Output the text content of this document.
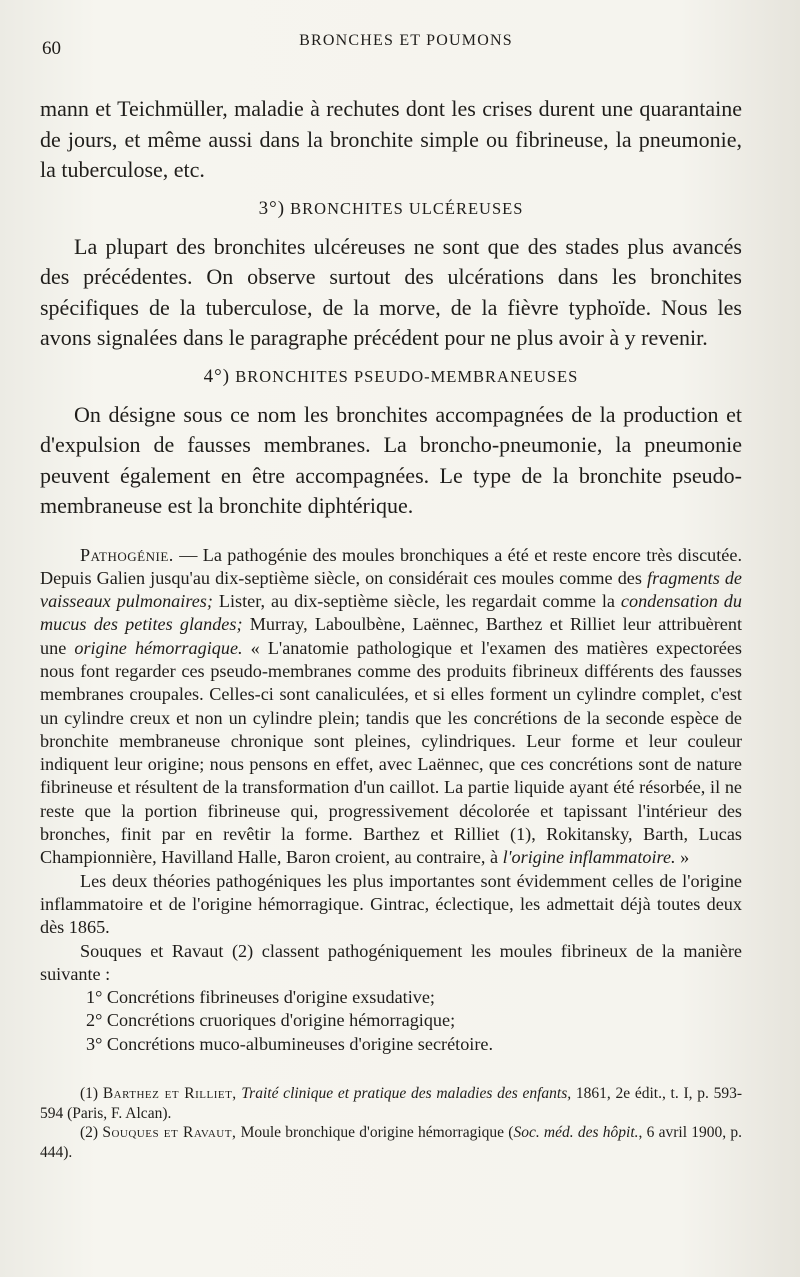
60	BRONCHES ET POUMONS

mann et Teichmüller, maladie à rechutes dont les crises durent une quarantaine de jours, et même aussi dans la bronchite simple ou fibrineuse, la pneumonie, la tuberculose, etc.

3°) BRONCHITES ULCÉREUSES

La plupart des bronchites ulcéreuses ne sont que des stades plus avancés des précédentes. On observe surtout des ulcérations dans les bronchites spécifiques de la tuberculose, de la morve, de la fièvre typhoïde. Nous les avons signalées dans le paragraphe précédent pour ne plus avoir à y revenir.

4°) BRONCHITES PSEUDO-MEMBRANEUSES

On désigne sous ce nom les bronchites accompagnées de la production et d'expulsion de fausses membranes. La broncho-pneumonie, la pneumonie peuvent également en être accompagnées. Le type de la bronchite pseudo-membraneuse est la bronchite diphtérique.

Pathogénie. — La pathogénie des moules bronchiques a été et reste encore très discutée. Depuis Galien jusqu'au dix-septième siècle, on considérait ces moules comme des fragments de vaisseaux pulmonaires; Lister, au dix-septième siècle, les regardait comme la condensation du mucus des petites glandes; Murray, Laboulbène, Laënnec, Barthez et Rilliet leur attribuèrent une origine hémorragique. « L'anatomie pathologique et l'examen des matières expectorées nous font regarder ces pseudo-membranes comme des produits fibrineux différents des fausses membranes croupales. Celles-ci sont canaliculées, et si elles forment un cylindre complet, c'est un cylindre creux et non un cylindre plein; tandis que les concrétions de la seconde espèce de bronchite membraneuse chronique sont pleines, cylindriques. Leur forme et leur couleur indiquent leur origine; nous pensons en effet, avec Laënnec, que ces concrétions sont de nature fibrineuse et résultent de la transformation d'un caillot. La partie liquide ayant été résorbée, il ne reste que la portion fibrineuse qui, progressivement décolorée et tapissant l'intérieur des bronches, finit par en revêtir la forme. Barthez et Rilliet (1), Rokitansky, Barth, Lucas Championnière, Havilland Halle, Baron croient, au contraire, à l'origine inflammatoire. »

Les deux théories pathogéniques les plus importantes sont évidemment celles de l'origine inflammatoire et de l'origine hémorragique. Gintrac, éclectique, les admettait déjà toutes deux dès 1865.

Souques et Ravaut (2) classent pathogéniquement les moules fibrineux de la manière suivante :

1° Concrétions fibrineuses d'origine exsudative;
2° Concrétions cruoriques d'origine hémorragique;
3° Concrétions muco-albumineuses d'origine secrétoire.

(1) Barthez et Rilliet, Traité clinique et pratique des maladies des enfants, 1861, 2e édit., t. I, p. 593-594 (Paris, F. Alcan).

(2) Souques et Ravaut, Moule bronchique d'origine hémorragique (Soc. méd. des hôpit., 6 avril 1900, p. 444).
